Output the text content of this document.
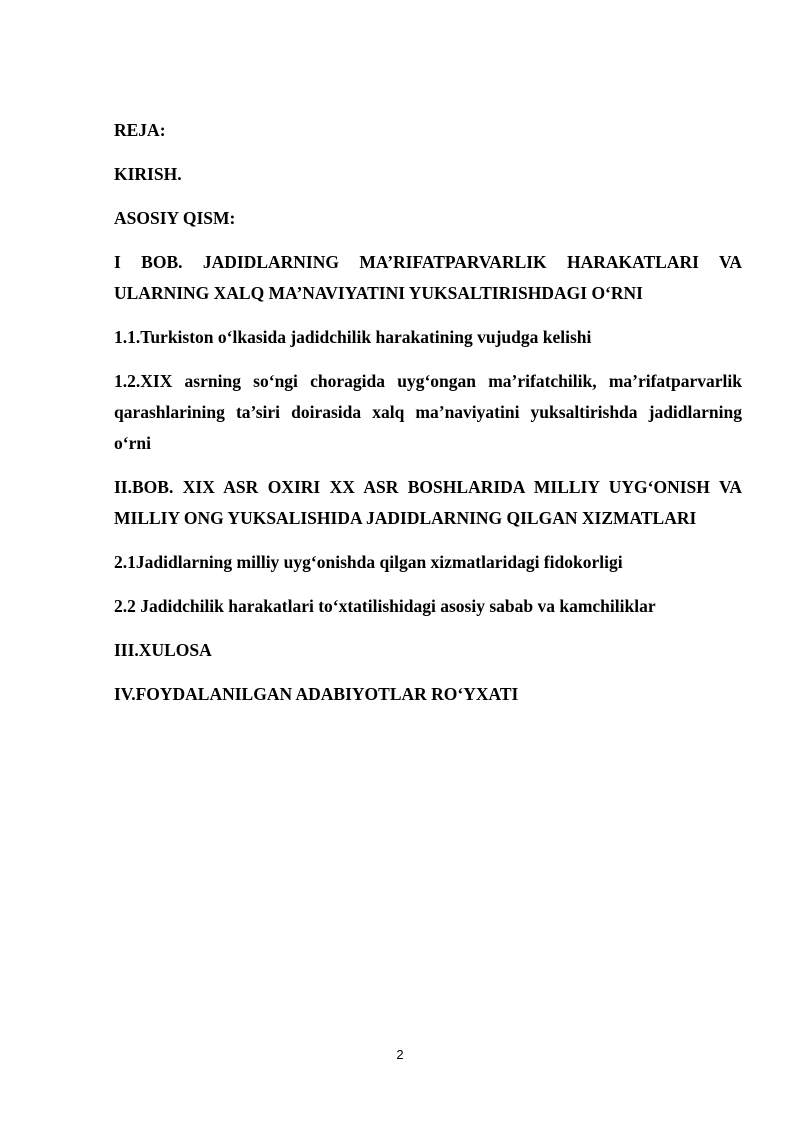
REJA:

KIRISH.

ASOSIY QISM:

I BOB. JADIDLARNING MA’RIFATPARVARLIK HARAKATLARI VA ULARNING XALQ MA’NAVIYATINI YUKSALTIRISHDAGI O‘RNI

1.1.Turkiston o‘lkasida jadidchilik harakatining vujudga kelishi

1.2.XIX asrning so‘ngi choragida uyg‘ongan ma’rifatchilik, ma’rifatparvarlik qarashlarining ta’siri doirasida xalq ma’naviyatini yuksaltirishda jadidlarning o‘rni

II.BOB. XIX ASR OXIRI XX ASR BOSHLARIDA MILLIY UYG‘ONISH VA MILLIY ONG YUKSALISHIDA JADIDLARNING QILGAN XIZMATLARI

2.1Jadidlarning milliy uyg‘onishda qilgan xizmatlaridagi fidokorligi

2.2 Jadidchilik harakatlari to‘xtatilishidagi asosiy sabab va kamchiliklar

III.XULOSA

IV.FOYDALANILGAN ADABIYOTLAR RO‘YXATI

2
